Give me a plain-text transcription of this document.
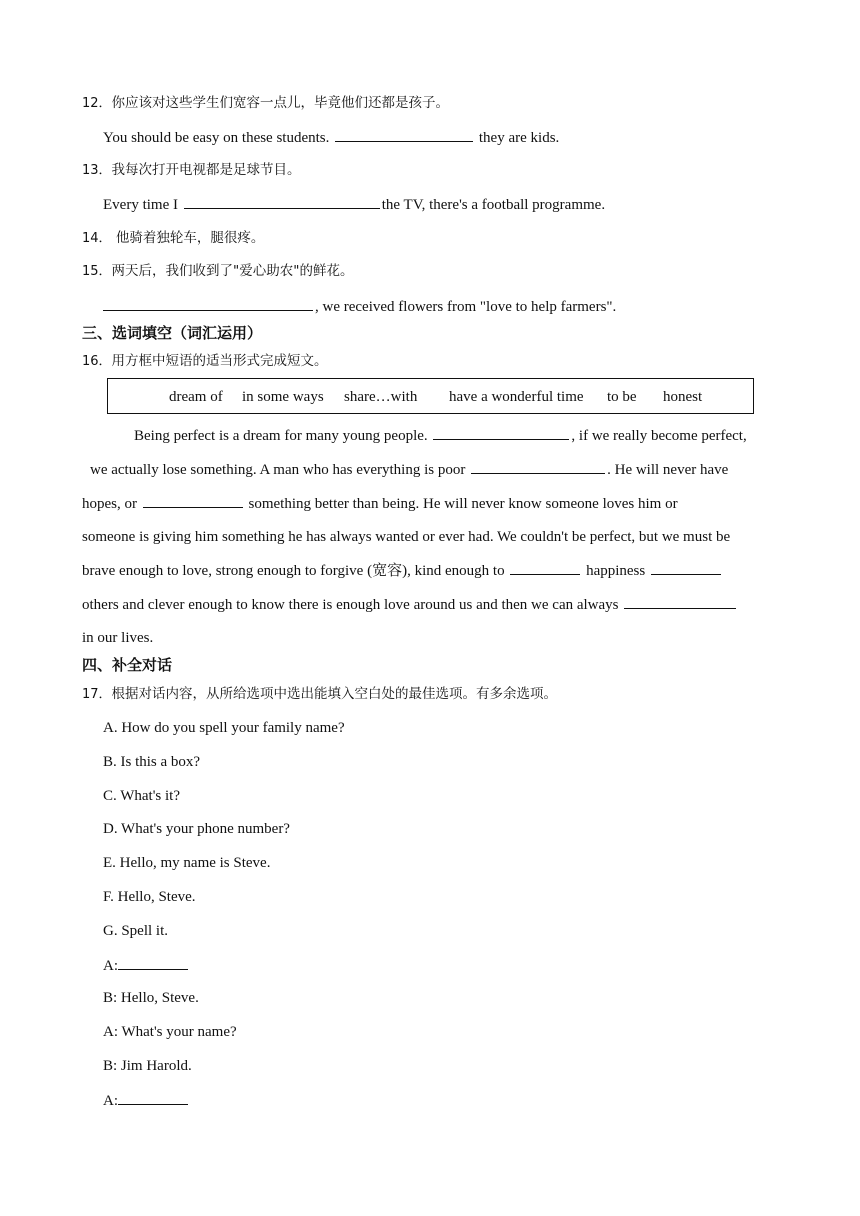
12．你应该对这些学生们宽容一点儿，毕竟他们还都是孩子。
You should be easy on these students.	they are kids.
13．我每次打开电视都是足球节目。
Every time I	the TV, there's a football programme.
14． 他骑着独轮车，腿很疼。
15．两天后，我们收到了"爱心助农"的鲜花。
, we received flowers from "love to help farmers".
三、选词填空（词汇运用）
16．用方框中短语的适当形式完成短文。
dream of in some ways share…with have a wonderful time to be honest
Being perfect is a dream for many young people.	, if we really become perfect,
we actually lose something. A man who has everything is poor	. He will never have
hopes, or	something better than being. He will never know someone loves him or
someone is giving him something he has always wanted or ever had. We couldn't be perfect, but we must be
brave enough to love, strong enough to forgive (宽容), kind enough to	happiness
others and clever enough to know there is enough love around us and then we can always
in our lives.
四、补全对话
17．根据对话内容，从所给选项中选出能填入空白处的最佳选项。有多余选项。
A. How do you spell your family name?
B. Is this a box?
C. What's it?
D. What's your phone number?
E. Hello, my name is Steve.
F. Hello, Steve.
G. Spell it.
A:
B: Hello, Steve.
A: What's your name?
B: Jim Harold.
A:
